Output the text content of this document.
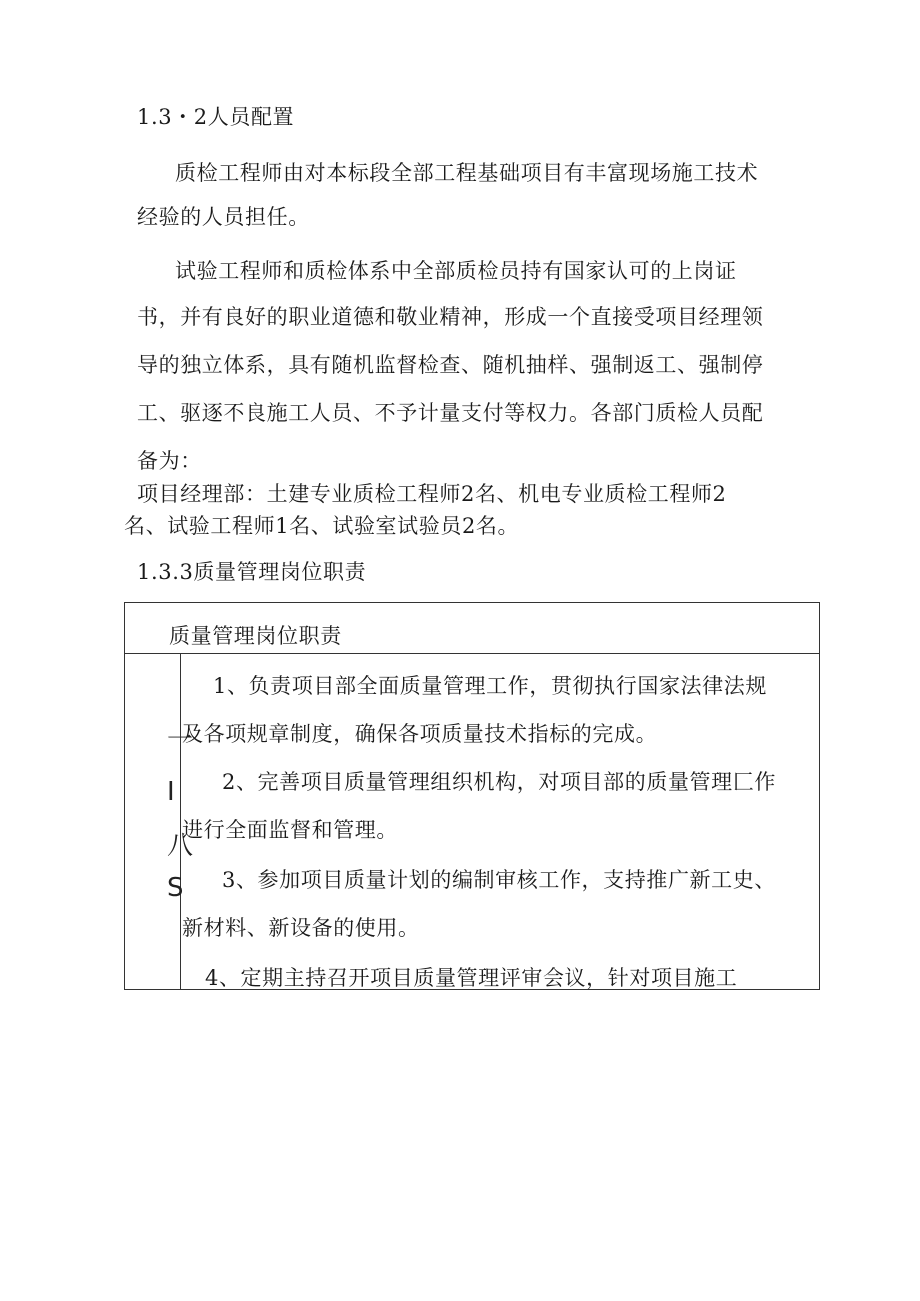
1.3・2人员配置
质检工程师由对本标段全部工程基础项目有丰富现场施工技术
经验的人员担任。
试验工程师和质检体系中全部质检员持有国家认可的上岗证
书，并有良好的职业道德和敬业精神，形成一个直接受项目经理领
导的独立体系，具有随机监督检查、随机抽样、强制返工、强制停
工、驱逐不良施工人员、不予计量支付等权力。各部门质检人员配
备为：
项目经理部：土建专业质检工程师2名、机电专业质检工程师2
名、试验工程师1名、试验室试验员2名。
1.3.3质量管理岗位职责
质量管理岗位职责
一
I
八
S
1、负责项目部全面质量管理工作，贯彻执行国家法律法规
及各项规章制度，确保各项质量技术指标的完成。
2、完善项目质量管理组织机构，对项目部的质量管理匚作
进行全面监督和管理。
3、参加项目质量计划的编制审核工作，支持推广新工史、
新材料、新设备的使用。
4、定期主持召开项目质量管理评审会议，针对项目施工
